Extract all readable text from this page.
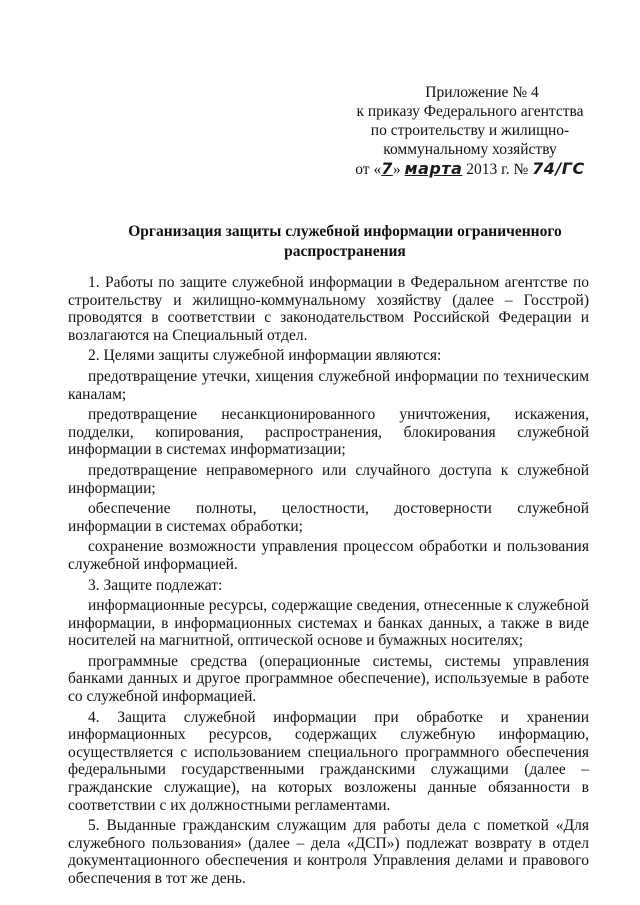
Приложение № 4
к приказу Федерального агентства
по строительству и жилищно-
коммунальному хозяйству
от «7» марта 2013 г. № 74/ГС
Организация защиты служебной информации ограниченного
распространения

1. Работы по защите служебной информации в Федеральном агентстве по строительству и жилищно-коммунальному хозяйству (далее – Госстрой) проводятся в соответствии с законодательством Российской Федерации и возлагаются на Специальный отдел.

2. Целями защиты служебной информации являются:

предотвращение утечки, хищения служебной информации по техническим каналам;

предотвращение несанкционированного уничтожения, искажения, подделки, копирования, распространения, блокирования служебной информации в системах информатизации;

предотвращение неправомерного или случайного доступа к служебной информации;

обеспечение полноты, целостности, достоверности служебной информации в системах обработки;

сохранение возможности управления процессом обработки и пользования служебной информацией.

3. Защите подлежат:

информационные ресурсы, содержащие сведения, отнесенные к служебной информации, в информационных системах и банках данных, а также в виде носителей на магнитной, оптической основе и бумажных носителях;

программные средства (операционные системы, системы управления банками данных и другое программное обеспечение), используемые в работе со служебной информацией.

4. Защита служебной информации при обработке и хранении информационных ресурсов, содержащих служебную информацию, осуществляется с использованием специального программного обеспечения федеральными государственными гражданскими служащими (далее – гражданские служащие), на которых возложены данные обязанности в соответствии с их должностными регламентами.

5. Выданные гражданским служащим для работы дела с пометкой «Для служебного пользования» (далее – дела «ДСП») подлежат возврату в отдел документационного обеспечения и контроля Управления делами и правового обеспечения в тот же день.
